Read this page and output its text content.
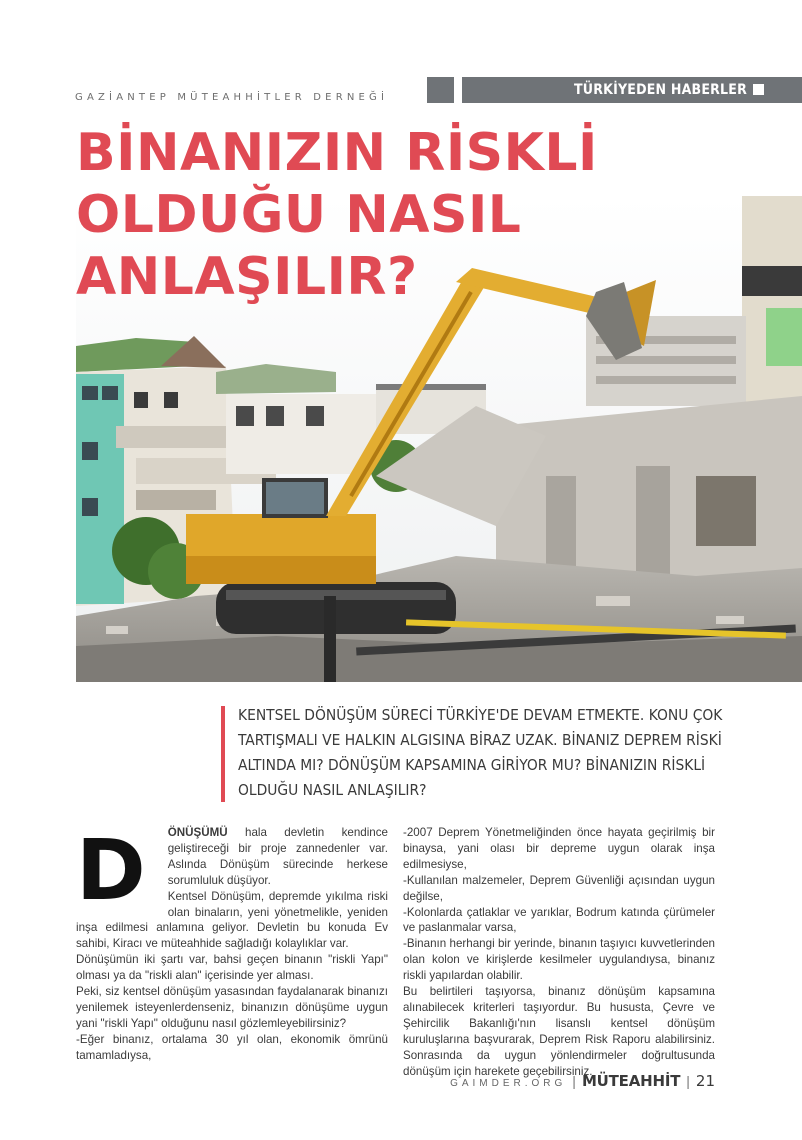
GAZİANTEP MÜTEAHHİTLER DERNEĞİ	TÜRKİYEDEN HABERLER
BİNANIZIN RİSKLİ
OLDUĞU NASIL
ANLAŞILIR?

KENTSEL DÖNÜŞÜM SÜRECİ TÜRKİYE'DE DEVAM ETMEKTE. KONU ÇOK TARTIŞMALI VE HALKIN ALGISINA BİRAZ UZAK. BİNANIZ DEPREM RİSKİ ALTINDA MI? DÖNÜŞÜM KAPSAMINA GİRİYOR MU? BİNANIZIN RİSKLİ OLDUĞU NASIL ANLAŞILIR?

D ÖNÜŞÜMÜ hala devletin kendince geliştireceği bir proje zannedenler var. Aslında Dönüşüm sürecinde herkese sorumluluk düşüyor.

Kentsel Dönüşüm, depremde yıkılma riski olan binaların, yeni yönetmelikle, yeniden inşa edilmesi anlamına geliyor. Devletin bu konuda Ev sahibi, Kiracı ve müteahhide sağladığı kolaylıklar var.

Dönüşümün iki şartı var, bahsi geçen binanın "riskli Yapı" olması ya da "riskli alan" içerisinde yer alması.

Peki, siz kentsel dönüşüm yasasından faydalanarak binanızı yenilemek isteyenlerdenseniz, binanızın dönüşüme uygun yani "riskli Yapı" olduğunu nasıl gözlemleyebilirsiniz?

-Eğer binanız, ortalama 30 yıl olan, ekonomik ömrünü tamamladıysa,

-2007 Deprem Yönetmeliğinden önce hayata geçirilmiş bir binaysa, yani olası bir depreme uygun olarak inşa edilmesiyse,

-Kullanılan malzemeler, Deprem Güvenliği açısından uygun değilse,

-Kolonlarda çatlaklar ve yarıklar, Bodrum katında çürümeler ve paslanmalar varsa,

-Binanın herhangi bir yerinde, binanın taşıyıcı kuvvetlerinden olan kolon ve kirişlerde kesilmeler uygulandıysa, binanız riskli yapılardan olabilir.

Bu belirtileri taşıyorsa, binanız dönüşüm kapsamına alınabilecek kriterleri taşıyordur. Bu hususta, Çevre ve Şehircilik Bakanlığı'nın lisanslı kentsel dönüşüm kuruluşlarına başvurarak, Deprem Risk Raporu alabilirsiniz. Sonrasında da uygun yönlendirmeler doğrultusunda dönüşüm için harekete geçebilirsiniz.

GAIMDER.ORG | MÜTEAHHİT | 21
